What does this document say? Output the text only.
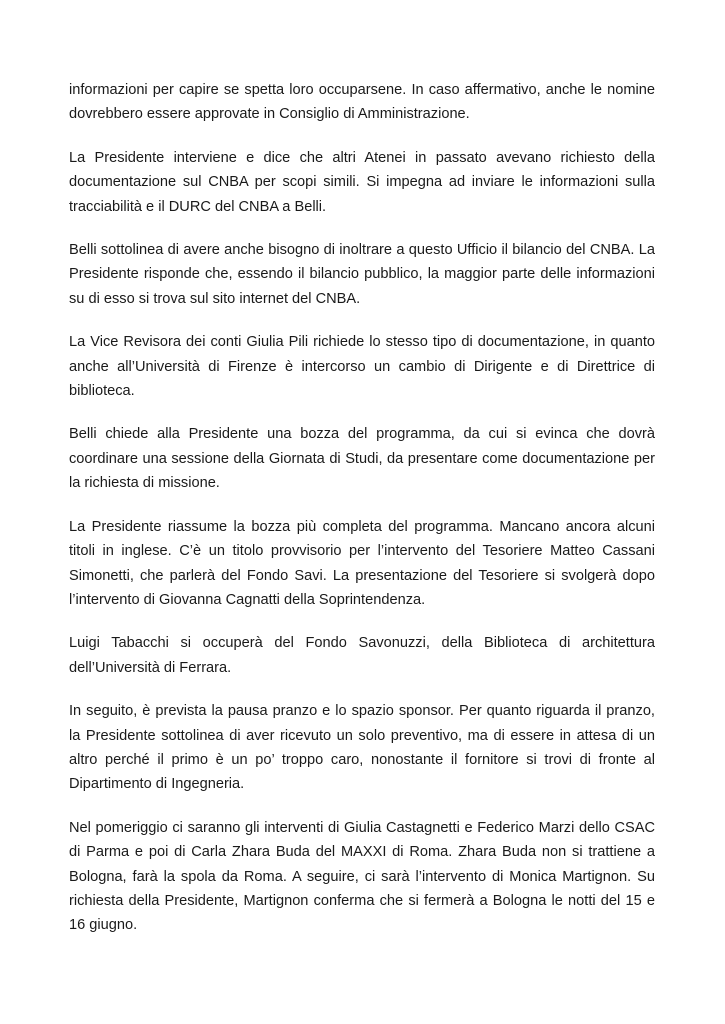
informazioni per capire se spetta loro occuparsene. In caso affermativo, anche le nomine dovrebbero essere approvate in Consiglio di Amministrazione.

La Presidente interviene e dice che altri Atenei in passato avevano richiesto della documentazione sul CNBA per scopi simili. Si impegna ad inviare le informazioni sulla tracciabilità e il DURC del CNBA a Belli.

Belli sottolinea di avere anche bisogno di inoltrare a questo Ufficio il bilancio del CNBA. La Presidente risponde che, essendo il bilancio pubblico, la maggior parte delle informazioni su di esso si trova sul sito internet del CNBA.

La Vice Revisora dei conti Giulia Pili richiede lo stesso tipo di documentazione, in quanto anche all’Università di Firenze è intercorso un cambio di Dirigente e di Direttrice di biblioteca.

Belli chiede alla Presidente una bozza del programma, da cui si evinca che dovrà coordinare una sessione della Giornata di Studi, da presentare come documentazione per la richiesta di missione.

La Presidente riassume la bozza più completa del programma. Mancano ancora alcuni titoli in inglese. C’è un titolo provvisorio per l’intervento del Tesoriere Matteo Cassani Simonetti, che parlerà del Fondo Savi. La presentazione del Tesoriere si svolgerà dopo l’intervento di Giovanna Cagnatti della Soprintendenza.

Luigi Tabacchi si occuperà del Fondo Savonuzzi, della Biblioteca di architettura dell’Università di Ferrara.

In seguito, è prevista la pausa pranzo e lo spazio sponsor. Per quanto riguarda il pranzo, la Presidente sottolinea di aver ricevuto un solo preventivo, ma di essere in attesa di un altro perché il primo è un po’ troppo caro, nonostante il fornitore si trovi di fronte al Dipartimento di Ingegneria.

Nel pomeriggio ci saranno gli interventi di Giulia Castagnetti e Federico Marzi dello CSAC di Parma e poi di Carla Zhara Buda del MAXXI di Roma. Zhara Buda non si trattiene a Bologna, farà la spola da Roma. A seguire, ci sarà l’intervento di Monica Martignon. Su richiesta della Presidente, Martignon conferma che si fermerà a Bologna le notti del 15 e 16 giugno.
